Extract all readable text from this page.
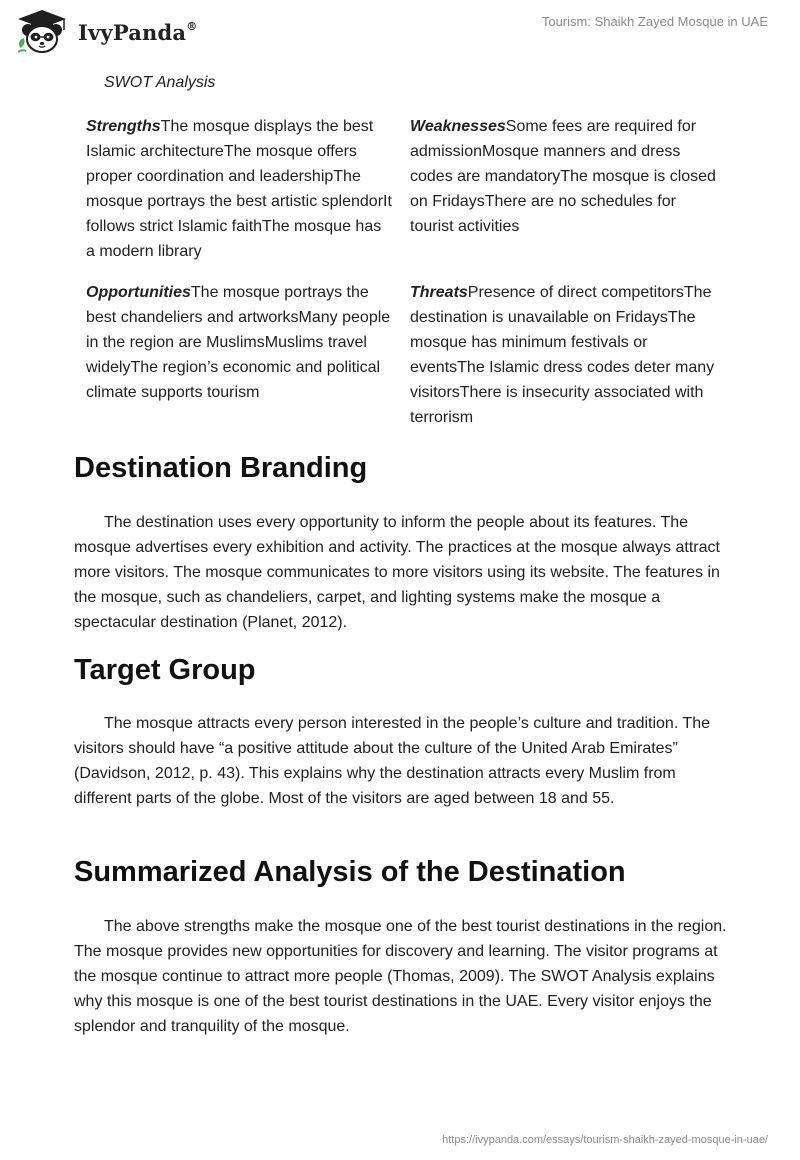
IvyPanda®	Tourism: Shaikh Zayed Mosque in UAE
SWOT Analysis
StrengthsThe mosque displays the best Islamic architectureThe mosque offers proper coordination and leadershipThe mosque portrays the best artistic splendorIt follows strict Islamic faithThe mosque has a modern library
WeaknessesSome fees are required for admissionMosque manners and dress codes are mandatoryThe mosque is closed on FridaysThere are no schedules for tourist activities
OpportunitiesThe mosque portrays the best chandeliers and artworksMany people in the region are MuslimsMuslims travel widelyThe region’s economic and political climate supports tourism
ThreatsPresence of direct competitorsThe destination is unavailable on FridaysThe mosque has minimum festivals or eventsThe Islamic dress codes deter many visitorsThere is insecurity associated with terrorism
Destination Branding
The destination uses every opportunity to inform the people about its features. The mosque advertises every exhibition and activity. The practices at the mosque always attract more visitors. The mosque communicates to more visitors using its website. The features in the mosque, such as chandeliers, carpet, and lighting systems make the mosque a spectacular destination (Planet, 2012).
Target Group
The mosque attracts every person interested in the people’s culture and tradition. The visitors should have “a positive attitude about the culture of the United Arab Emirates” (Davidson, 2012, p. 43). This explains why the destination attracts every Muslim from different parts of the globe. Most of the visitors are aged between 18 and 55.
Summarized Analysis of the Destination
The above strengths make the mosque one of the best tourist destinations in the region. The mosque provides new opportunities for discovery and learning. The visitor programs at the mosque continue to attract more people (Thomas, 2009). The SWOT Analysis explains why this mosque is one of the best tourist destinations in the UAE. Every visitor enjoys the splendor and tranquility of the mosque.
https://ivypanda.com/essays/tourism-shaikh-zayed-mosque-in-uae/
